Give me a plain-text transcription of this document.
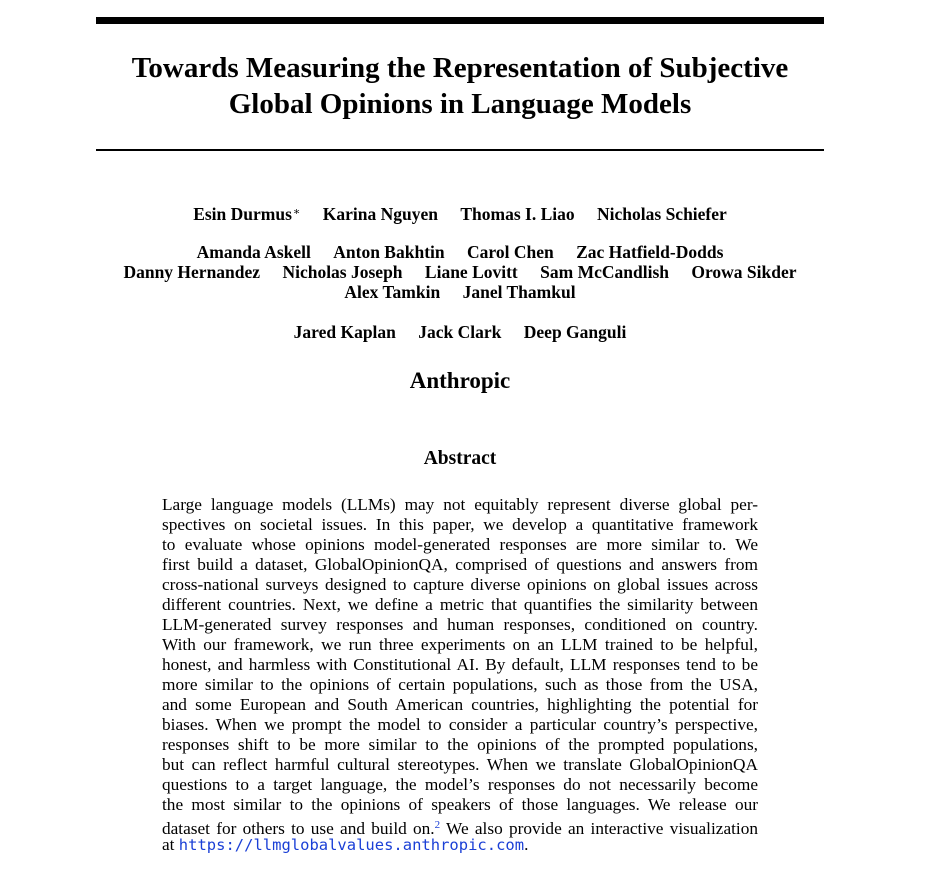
Towards Measuring the Representation of Subjective
Global Opinions in Language Models
Esin Durmus∗ Karina Nguyen Thomas I. Liao Nicholas Schiefer
Amanda Askell Anton Bakhtin Carol Chen Zac Hatfield-Dodds
Danny Hernandez Nicholas Joseph Liane Lovitt Sam McCandlish Orowa Sikder
Alex Tamkin Janel Thamkul
Jared Kaplan Jack Clark Deep Ganguli
Anthropic
Abstract
Large language models (LLMs) may not equitably represent diverse global per-
spectives on societal issues. In this paper, we develop a quantitative framework
to evaluate whose opinions model-generated responses are more similar to. We
first build a dataset, GlobalOpinionQA, comprised of questions and answers from
cross-national surveys designed to capture diverse opinions on global issues across
different countries. Next, we define a metric that quantifies the similarity between
LLM-generated survey responses and human responses, conditioned on country.
With our framework, we run three experiments on an LLM trained to be helpful,
honest, and harmless with Constitutional AI. By default, LLM responses tend to be
more similar to the opinions of certain populations, such as those from the USA,
and some European and South American countries, highlighting the potential for
biases. When we prompt the model to consider a particular country’s perspective,
responses shift to be more similar to the opinions of the prompted populations,
but can reflect harmful cultural stereotypes. When we translate GlobalOpinionQA
questions to a target language, the model’s responses do not necessarily become
the most similar to the opinions of speakers of those languages. We release our
dataset for others to use and build on.$^2$ We also provide an interactive visualization
at https://llmglobalvalues.anthropic.com.
